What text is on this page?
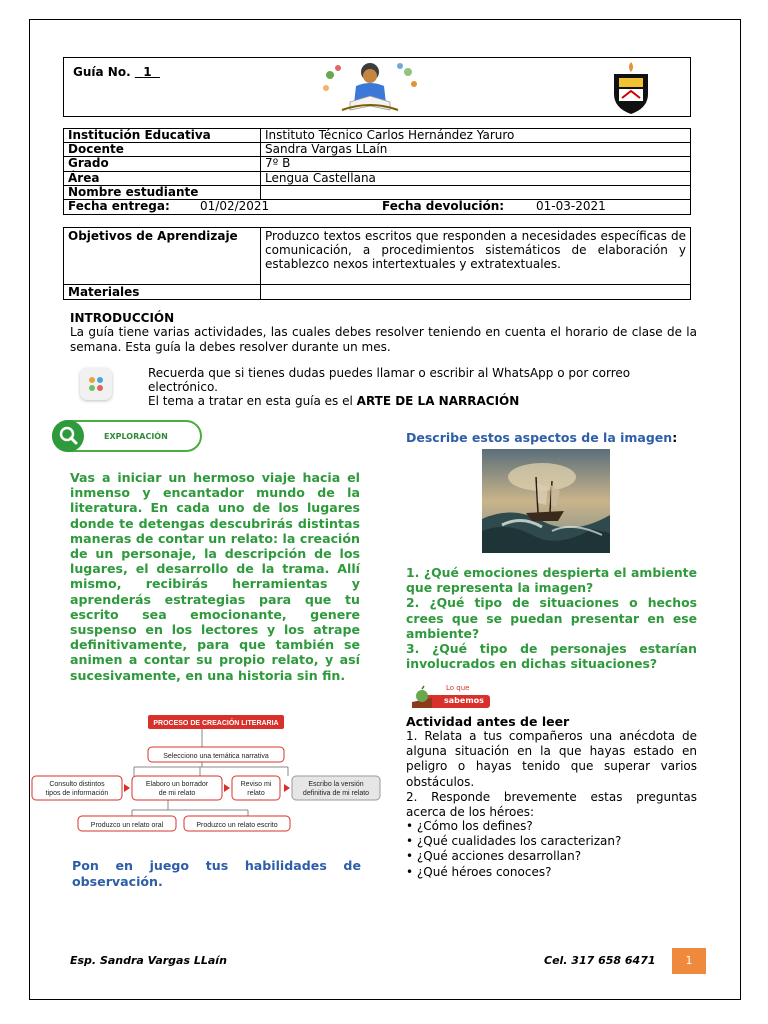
Guía No. 1
Institución Educativa	Instituto Técnico Carlos Hernández Yaruro
Docente	Sandra Vargas LLaín
Grado	7º B
Área	Lengua Castellana
Nombre estudiante	

Fecha entrega: 01/02/2021 Fecha devolución: 01-03-2021	
Objetivos de Aprendizaje	Produzco textos escritos que responden a necesidades específicas de comunicación, a procedimientos sistemáticos de elaboración y establezco nexos intertextuales y extratextuales.
Materiales	
INTRODUCCIÓN
La guía tiene varias actividades, las cuales debes resolver teniendo en cuenta el horario de clase de la semana. Esta guía la debes resolver durante un mes.
Recuerda que si tienes dudas puedes llamar o escribir al WhatsApp o por correo electrónico.
El tema a tratar en esta guía es el ARTE DE LA NARRACIÓN
EXPLORACIÓN
Vas a iniciar un hermoso viaje hacia el inmenso y encantador mundo de la literatura. En cada uno de los lugares donde te detengas descubrirás distintas maneras de contar un relato: la creación de un personaje, la descripción de los lugares, el desarrollo de la trama. Allí mismo, recibirás herramientas y aprenderás estrategias para que tu escrito sea emocionante, genere suspenso en los lectores y los atrape definitivamente, para que también se animen a contar su propio relato, y así sucesivamente, en una historia sin fin.
Describe estos aspectos de la imagen:
1. ¿Qué emociones despierta el ambiente que representa la imagen?
2. ¿Qué tipo de situaciones o hechos crees que se puedan presentar en ese ambiente?
3. ¿Qué tipo de personajes estarían involucrados en dichas situaciones?
Lo que
sabemos
Actividad antes de leer
1. Relata a tus compañeros una anécdota de alguna situación en la que hayas estado en peligro o hayas tenido que superar varios obstáculos.
2. Responde brevemente estas preguntas acerca de los héroes:
• ¿Cómo los defines?
• ¿Qué cualidades los caracterizan?
• ¿Qué acciones desarrollan?
• ¿Qué héroes conoces?
PROCESO DE CREACIÓN LITERARIA
Selecciono una temática narrativa
Consulto distintos
tipos de información
Elaboro un borrador
de mi relato
Reviso mi
relato
Escribo la versión
definitiva de mi relato
Produzco un relato oral	Produzco un relato escrito
Pon en juego tus habilidades de observación.
Esp. Sandra Vargas LLaín	Cel. 317 658 6471	1
